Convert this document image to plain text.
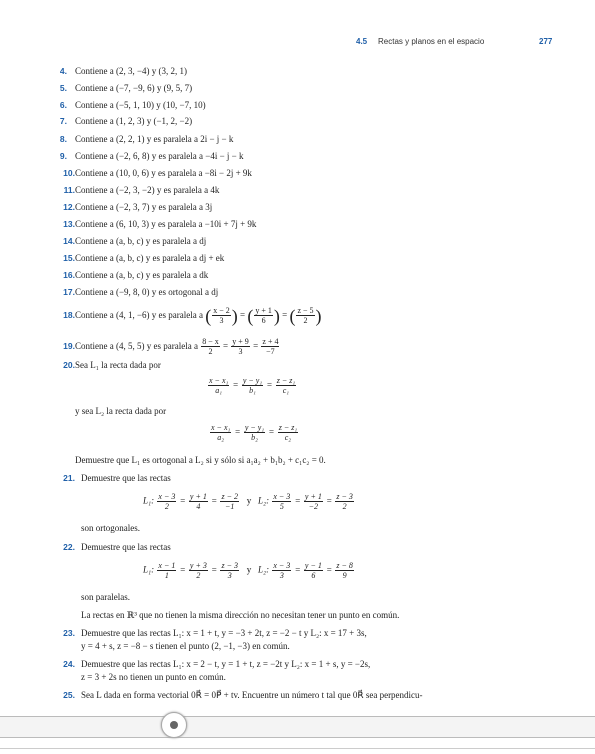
4.5 Rectas y planos en el espacio	277
4. Contiene a (2, 3, −4) y (3, 2, 1)
5. Contiene a (−7, −9, 6) y (9, 5, 7)
6. Contiene a (−5, 1, 10) y (10, −7, 10)
7. Contiene a (1, 2, 3) y (−1, 2, −2)
8. Contiene a (2, 2, 1) y es paralela a 2i − j − k
9. Contiene a (−2, 6, 8) y es paralela a −4i − j − k
10. Contiene a (10, 0, 6) y es paralela a −8i − 2j + 9k
11. Contiene a (−2, 3, −2) y es paralela a 4k
12. Contiene a (−2, 3, 7) y es paralela a 3j
13. Contiene a (6, 10, 3) y es paralela a −10i + 7j + 9k
14. Contiene a (a, b, c) y es paralela a dj
15. Contiene a (a, b, c) y es paralela a dj + ek
16. Contiene a (a, b, c) y es paralela a dk
17. Contiene a (−9, 8, 0) y es ortogonal a dj
18. Contiene a (4, 1, −6) y es paralela a ( $\frac{x - 2}{3}$ ) = ( $\frac{y + 1}{6}$ ) = ( $\frac{z - 5}{2}$ )
19. Contiene a (4, 5, 5) y es paralela a $\frac{8 - x}{2} = \frac{y + 9}{3} = \frac{z + 4}{-7}$
20. Sea L₁ la recta dada por
$\frac{\text{x − x₁}}{\text{a₁}} = \frac{\text{y − y₁}}{\text{b₁}} = \frac{\text{z − z₁}}{\text{c₁}}$
y sea L₂ la recta dada por
$\frac{\text{x − x₁}}{\text{a₂}} = \frac{\text{y − y₁}}{\text{b₂}} = \frac{\text{z − z₁}}{\text{c₂}}$
Demuestre que L₁ es ortogonal a L₂ si y sólo si a₁a₂ + b₁b₂ + c₁c₂ = 0.
21. Demuestre que las rectas
L₁: $\frac{x - 3}{2} = \frac{y + 1}{4} = \frac{z - 2}{-1}$ y L₂: $\frac{x - 3}{5} = \frac{y + 1}{-2} = \frac{z - 3}{2}$
son ortogonales.
22. Demuestre que las rectas
L₁: $\frac{x - 1}{1} = \frac{y + 3}{2} = \frac{z - 3}{3}$ y L₂: $\frac{x - 3}{3} = \frac{y - 1}{6} = \frac{z - 8}{9}$
son paralelas.
La rectas en ℝ³ que no tienen la misma dirección no necesitan tener un punto en común.
23. Demuestre que las rectas L₁: x = 1 + t, y = −3 + 2t, z = −2 − t y L₂: x = 17 + 3s,
y = 4 + s, z = −8 − s tienen el punto (2, −1, −3) en común.
24. Demuestre que las rectas L₁: x = 2 − t, y = 1 + t, z = −2t y L₂: x = 1 + s, y = −2s,
z = 3 + 2s no tienen un punto en común.
25. Sea L dada en forma vectorial 0R⃗ = 0P⃗ + tv. Encuentre un número t tal que 0R⃗ sea perpendicu-
